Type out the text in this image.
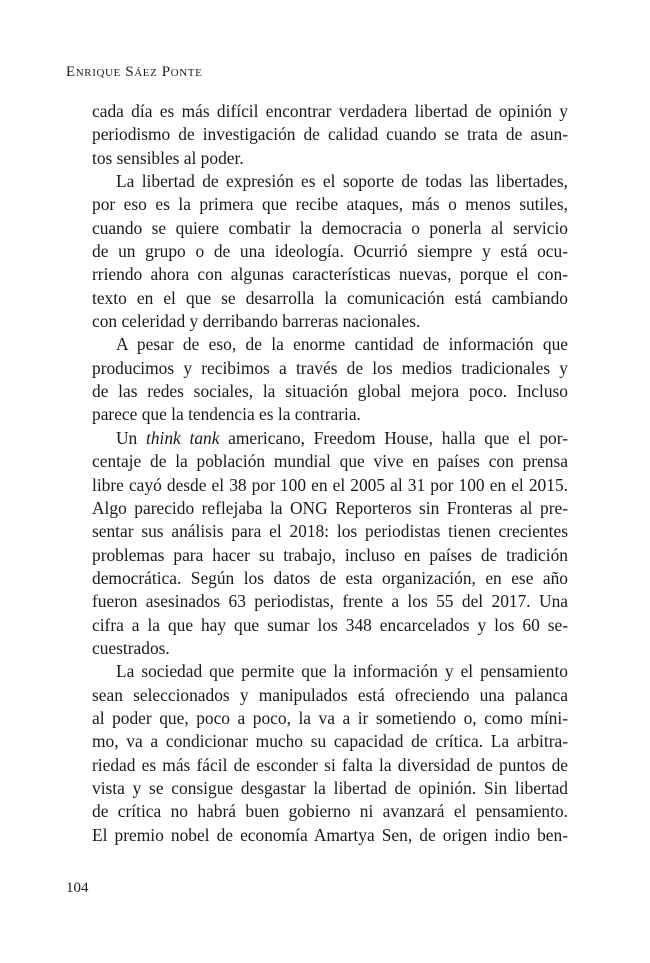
Enrique Sáez Ponte
cada día es más difícil encontrar verdadera libertad de opinión y
periodismo de investigación de calidad cuando se trata de asun-
tos sensibles al poder.
La libertad de expresión es el soporte de todas las libertades,
por eso es la primera que recibe ataques, más o menos sutiles,
cuando se quiere combatir la democracia o ponerla al servicio
de un grupo o de una ideología. Ocurrió siempre y está ocu-
rriendo ahora con algunas características nuevas, porque el con-
texto en el que se desarrolla la comunicación está cambiando
con celeridad y derribando barreras nacionales.
A pesar de eso, de la enorme cantidad de información que
producimos y recibimos a través de los medios tradicionales y
de las redes sociales, la situación global mejora poco. Incluso
parece que la tendencia es la contraria.
Un think tank americano, Freedom House, halla que el por-
centaje de la población mundial que vive en países con prensa
libre cayó desde el 38 por 100 en el 2005 al 31 por 100 en el 2015.
Algo parecido reflejaba la ONG Reporteros sin Fronteras al pre-
sentar sus análisis para el 2018: los periodistas tienen crecientes
problemas para hacer su trabajo, incluso en países de tradición
democrática. Según los datos de esta organización, en ese año
fueron asesinados 63 periodistas, frente a los 55 del 2017. Una
cifra a la que hay que sumar los 348 encarcelados y los 60 se-
cuestrados.
La sociedad que permite que la información y el pensamiento
sean seleccionados y manipulados está ofreciendo una palanca
al poder que, poco a poco, la va a ir sometiendo o, como míni-
mo, va a condicionar mucho su capacidad de crítica. La arbitra-
riedad es más fácil de esconder si falta la diversidad de puntos de
vista y se consigue desgastar la libertad de opinión. Sin libertad
de crítica no habrá buen gobierno ni avanzará el pensamiento.
El premio nobel de economía Amartya Sen, de origen indio ben-
104
